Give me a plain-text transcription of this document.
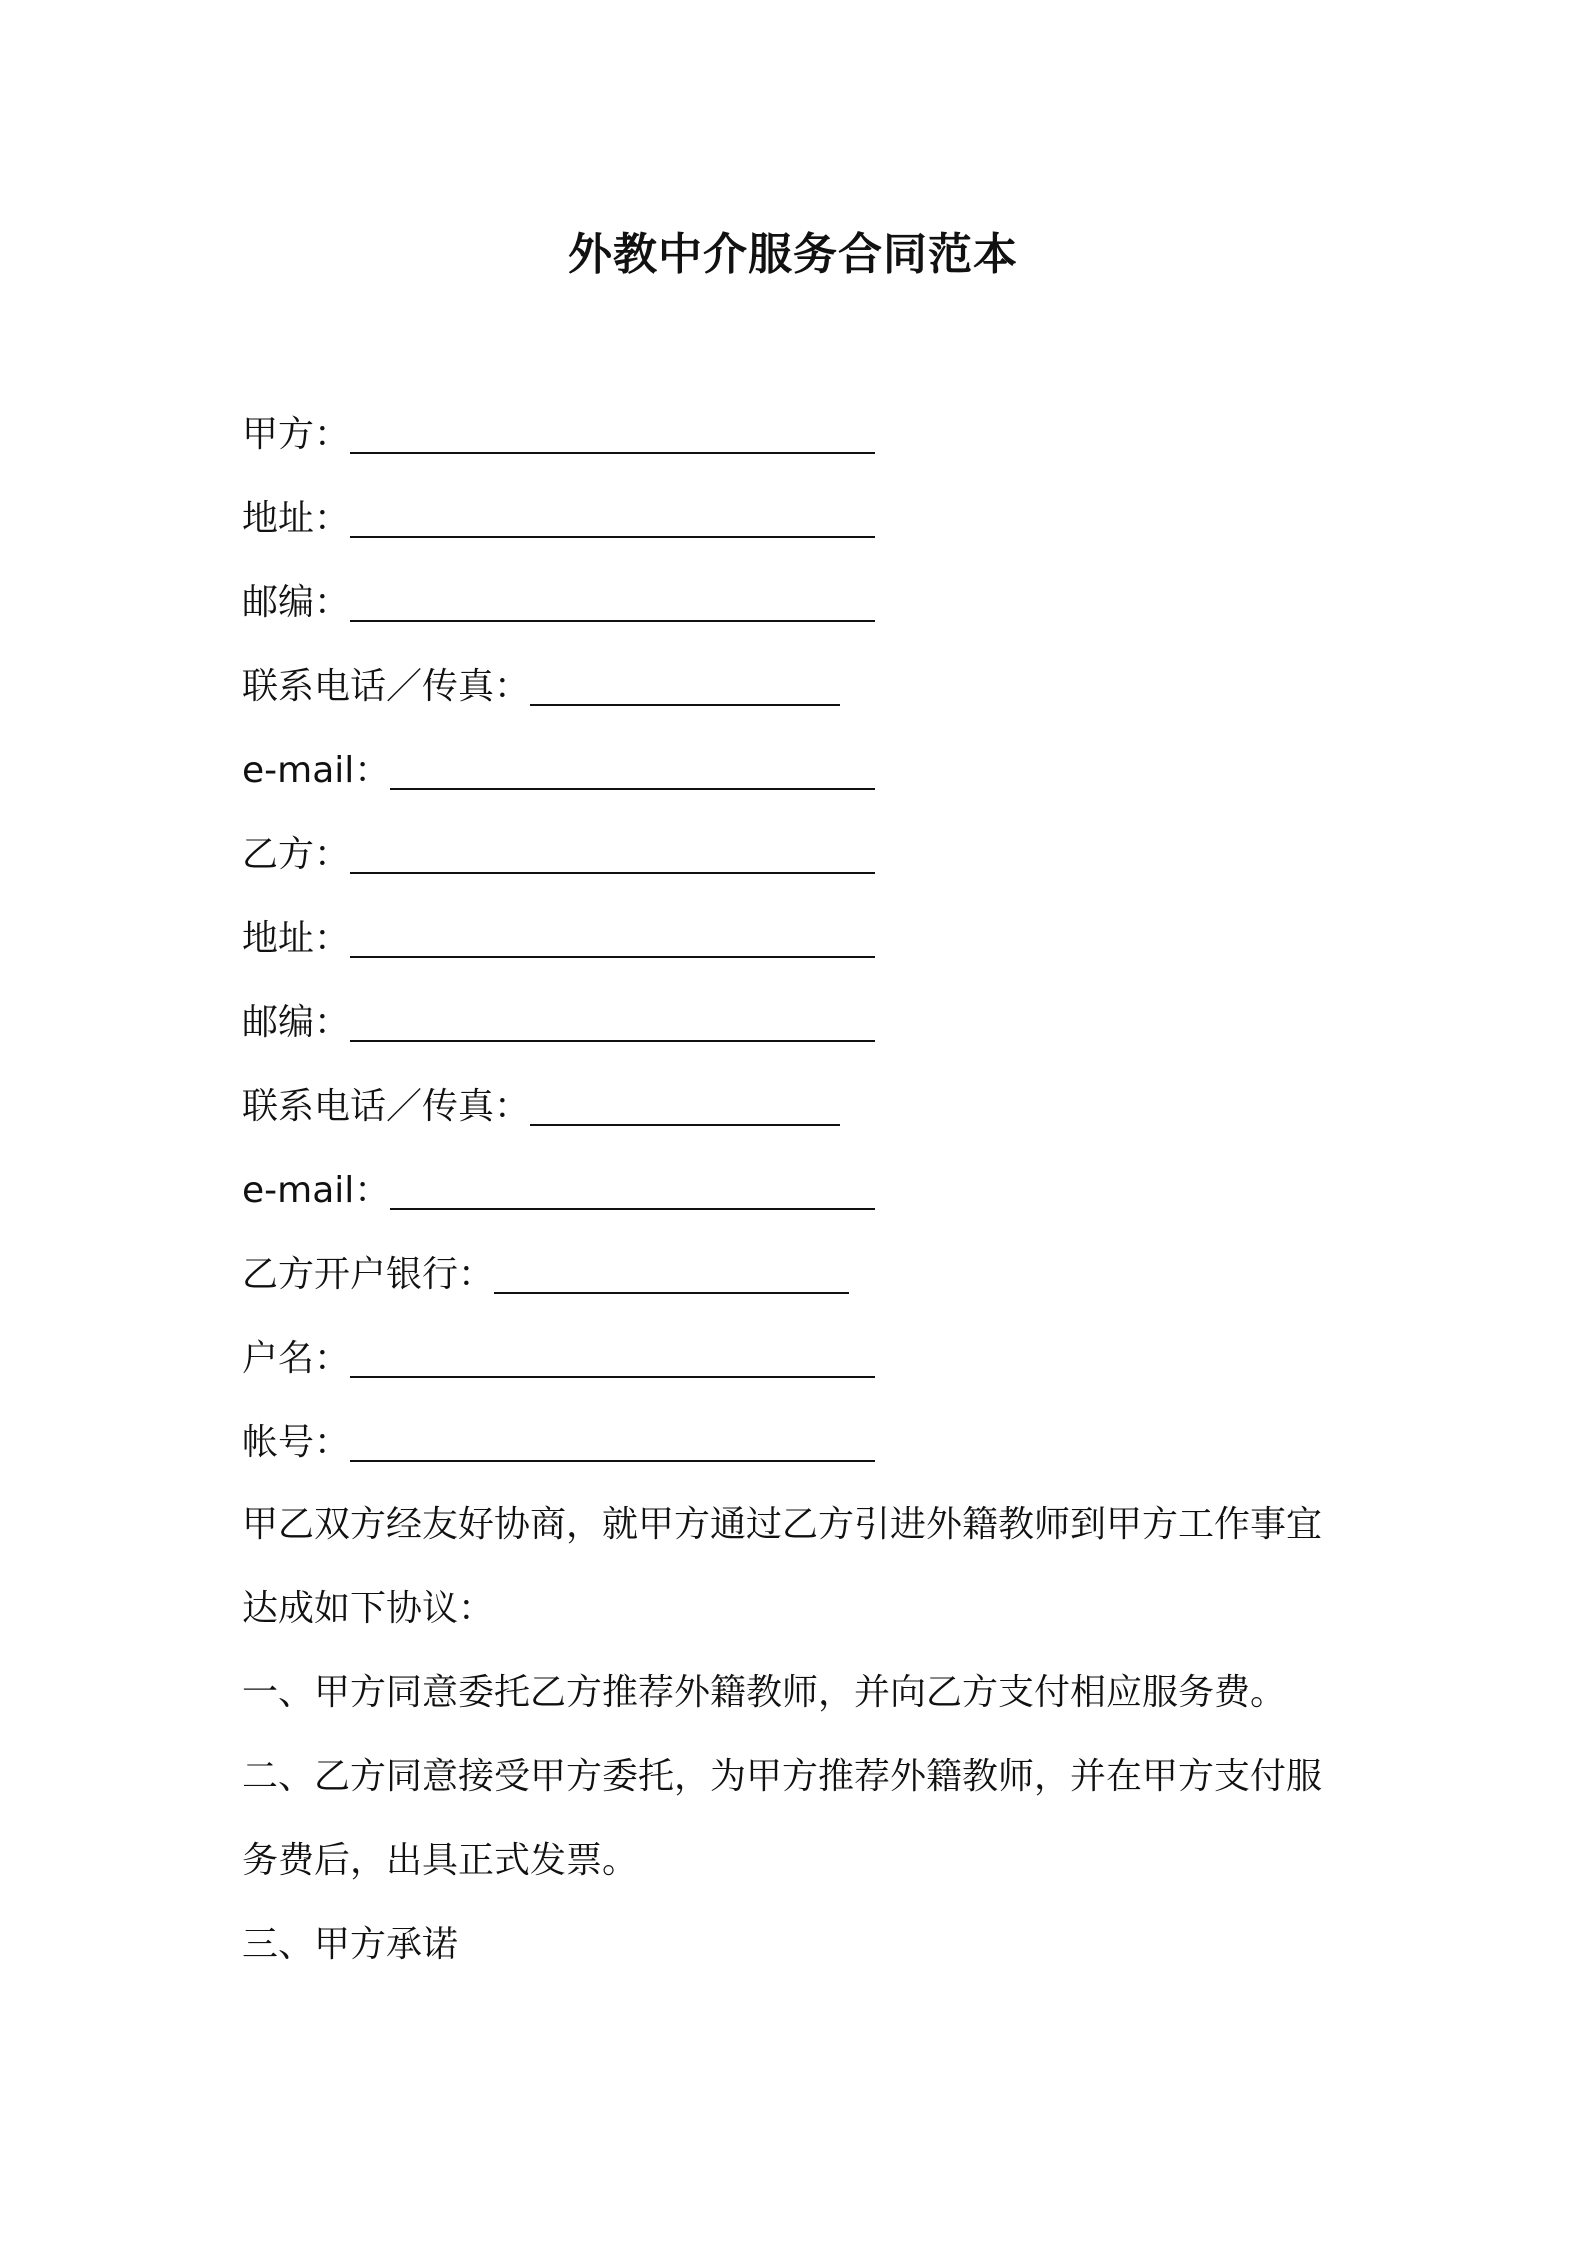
外教中介服务合同范本
甲方：
地址：
邮编：
联系电话／传真：
e-mail：
乙方：
地址：
邮编：
联系电话／传真：
e-mail：
乙方开户银行：
户名：
帐号：
甲乙双方经友好协商，就甲方通过乙方引进外籍教师到甲方工作事宜
达成如下协议：
一、甲方同意委托乙方推荐外籍教师，并向乙方支付相应服务费。
二、乙方同意接受甲方委托，为甲方推荐外籍教师，并在甲方支付服
务费后，出具正式发票。
三、甲方承诺
